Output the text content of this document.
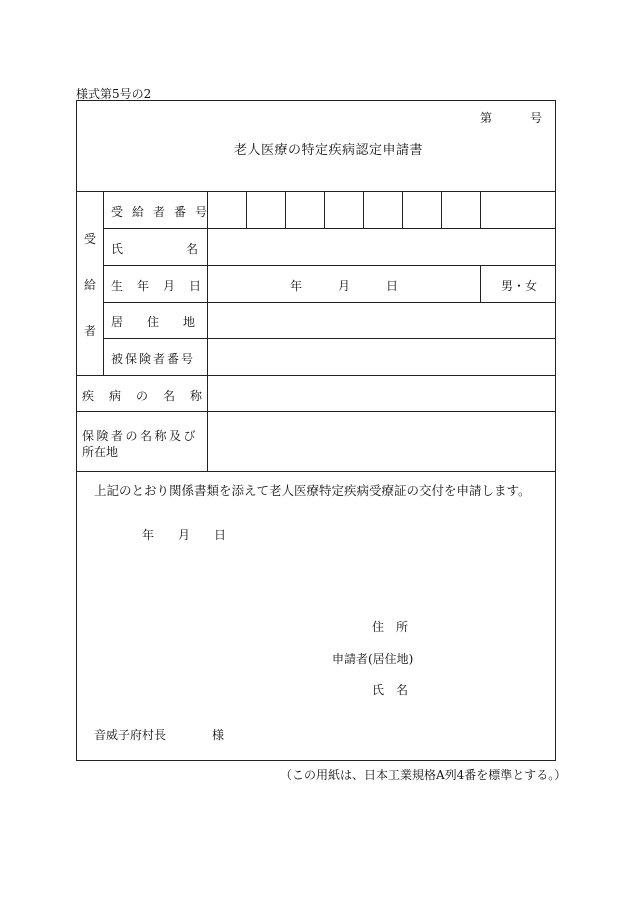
様式第5号の2
第	号
老人医療の特定疾病認定申請書
受
給
者
受給者番号
氏	名
生年月日	年	月	日	男・女
居 住 地
被保険者番号
疾病の名称
保険者の名称及び
所在地
上記のとおり関係書類を添えて老人医療特定疾病受療証の交付を申請します。
年 月 日
住　所
申請者(居住地)
氏　名
音威子府村長	様
（この用紙は、日本工業規格A列4番を標準とする。）
